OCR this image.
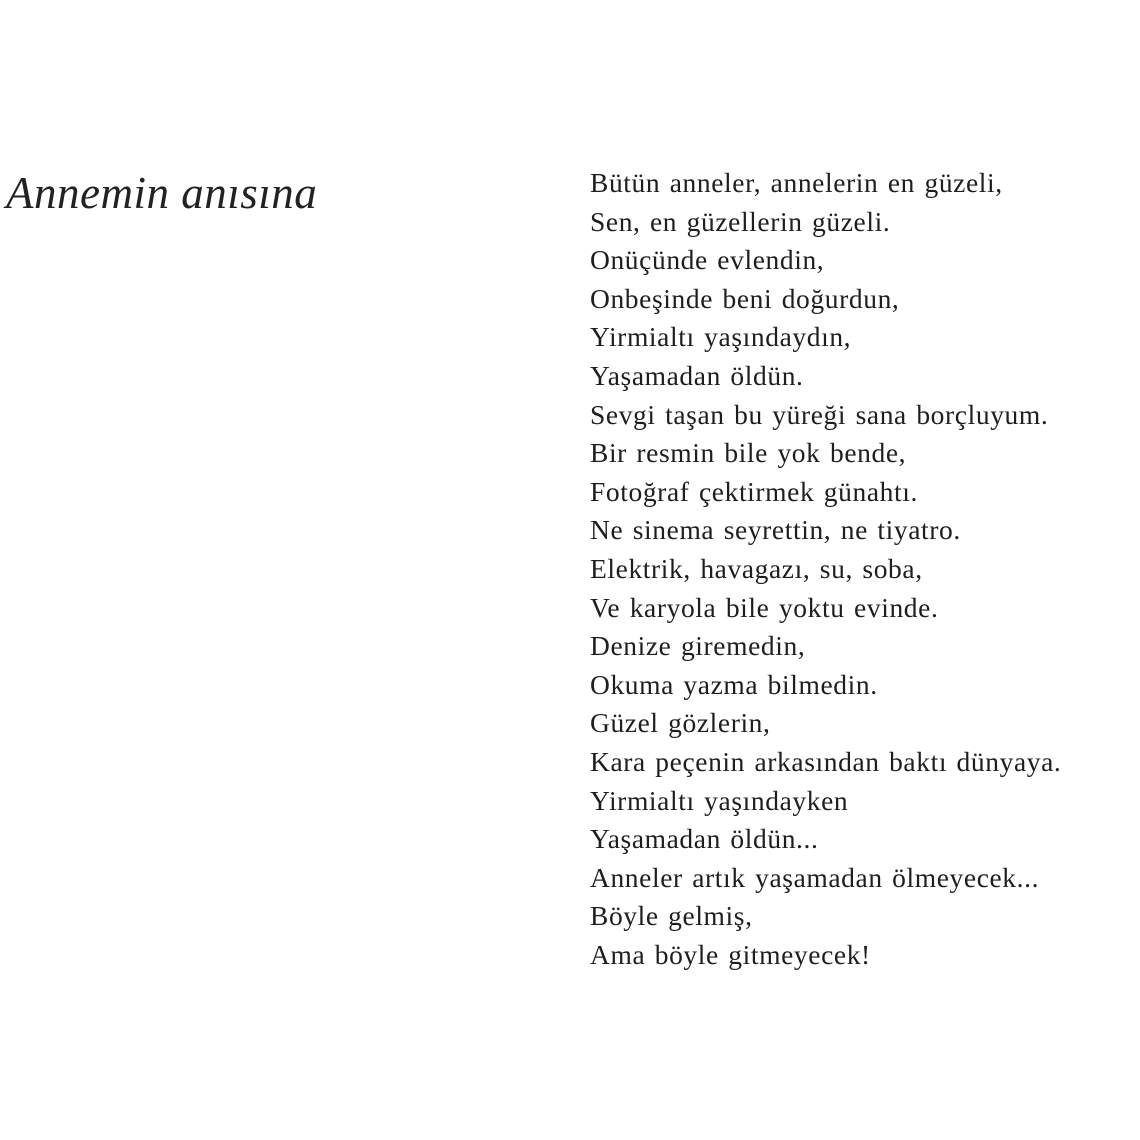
Annemin anısına	Bütün anneler, annelerin en güzeli,
Sen, en güzellerin güzeli.
Onüçünde evlendin,
Onbeşinde beni doğurdun,
Yirmialtı yaşındaydın,
Yaşamadan öldün.
Sevgi taşan bu yüreği sana borçluyum.
Bir resmin bile yok bende,
Fotoğraf çektirmek günahtı.
Ne sinema seyrettin, ne tiyatro.
Elektrik, havagazı, su, soba,
Ve karyola bile yoktu evinde.
Denize giremedin,
Okuma yazma bilmedin.
Güzel gözlerin,
Kara peçenin arkasından baktı dünyaya.
Yirmialtı yaşındayken
Yaşamadan öldün...
Anneler artık yaşamadan ölmeyecek...
Böyle gelmiş,
Ama böyle gitmeyecek!
